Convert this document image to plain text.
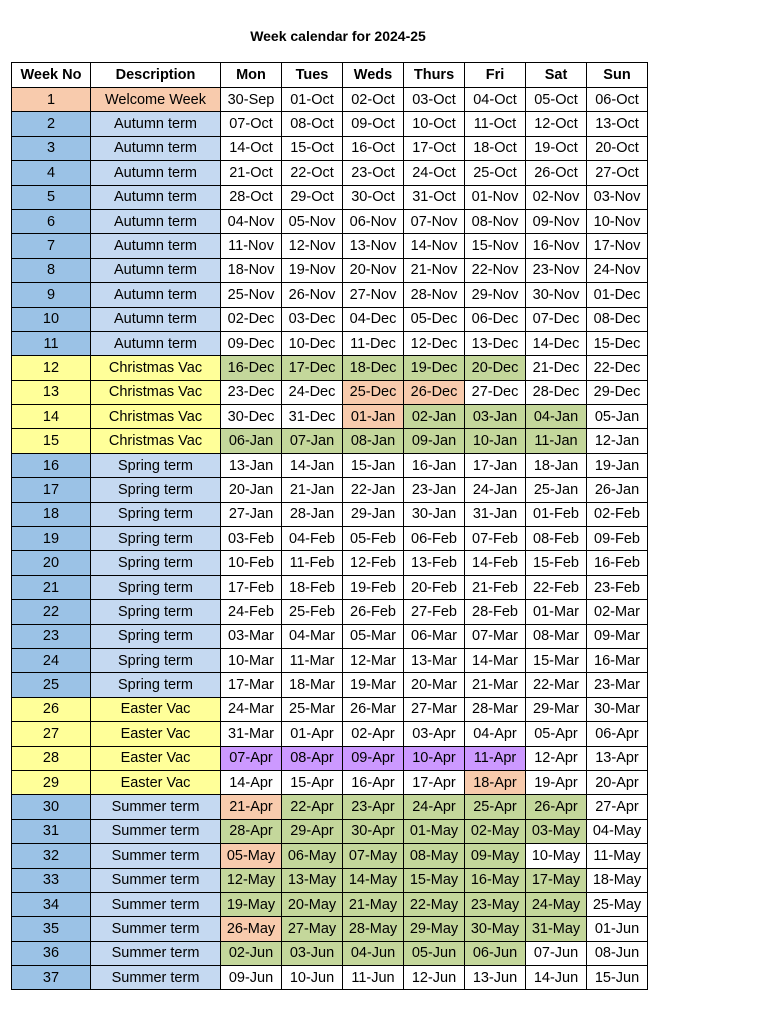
Week calendar for 2024-25
Week No	Description	Mon	Tues	Weds	Thurs	Fri	Sat	Sun
1	Welcome Week	30-Sep	01-Oct	02-Oct	03-Oct	04-Oct	05-Oct	06-Oct
2	Autumn term	07-Oct	08-Oct	09-Oct	10-Oct	11-Oct	12-Oct	13-Oct
3	Autumn term	14-Oct	15-Oct	16-Oct	17-Oct	18-Oct	19-Oct	20-Oct
4	Autumn term	21-Oct	22-Oct	23-Oct	24-Oct	25-Oct	26-Oct	27-Oct
5	Autumn term	28-Oct	29-Oct	30-Oct	31-Oct	01-Nov	02-Nov	03-Nov
6	Autumn term	04-Nov	05-Nov	06-Nov	07-Nov	08-Nov	09-Nov	10-Nov
7	Autumn term	11-Nov	12-Nov	13-Nov	14-Nov	15-Nov	16-Nov	17-Nov
8	Autumn term	18-Nov	19-Nov	20-Nov	21-Nov	22-Nov	23-Nov	24-Nov
9	Autumn term	25-Nov	26-Nov	27-Nov	28-Nov	29-Nov	30-Nov	01-Dec
10	Autumn term	02-Dec	03-Dec	04-Dec	05-Dec	06-Dec	07-Dec	08-Dec
11	Autumn term	09-Dec	10-Dec	11-Dec	12-Dec	13-Dec	14-Dec	15-Dec
12	Christmas Vac	16-Dec	17-Dec	18-Dec	19-Dec	20-Dec	21-Dec	22-Dec
13	Christmas Vac	23-Dec	24-Dec	25-Dec	26-Dec	27-Dec	28-Dec	29-Dec
14	Christmas Vac	30-Dec	31-Dec	01-Jan	02-Jan	03-Jan	04-Jan	05-Jan
15	Christmas Vac	06-Jan	07-Jan	08-Jan	09-Jan	10-Jan	11-Jan	12-Jan
16	Spring term	13-Jan	14-Jan	15-Jan	16-Jan	17-Jan	18-Jan	19-Jan
17	Spring term	20-Jan	21-Jan	22-Jan	23-Jan	24-Jan	25-Jan	26-Jan
18	Spring term	27-Jan	28-Jan	29-Jan	30-Jan	31-Jan	01-Feb	02-Feb
19	Spring term	03-Feb	04-Feb	05-Feb	06-Feb	07-Feb	08-Feb	09-Feb
20	Spring term	10-Feb	11-Feb	12-Feb	13-Feb	14-Feb	15-Feb	16-Feb
21	Spring term	17-Feb	18-Feb	19-Feb	20-Feb	21-Feb	22-Feb	23-Feb
22	Spring term	24-Feb	25-Feb	26-Feb	27-Feb	28-Feb	01-Mar	02-Mar
23	Spring term	03-Mar	04-Mar	05-Mar	06-Mar	07-Mar	08-Mar	09-Mar
24	Spring term	10-Mar	11-Mar	12-Mar	13-Mar	14-Mar	15-Mar	16-Mar
25	Spring term	17-Mar	18-Mar	19-Mar	20-Mar	21-Mar	22-Mar	23-Mar
26	Easter Vac	24-Mar	25-Mar	26-Mar	27-Mar	28-Mar	29-Mar	30-Mar
27	Easter Vac	31-Mar	01-Apr	02-Apr	03-Apr	04-Apr	05-Apr	06-Apr
28	Easter Vac	07-Apr	08-Apr	09-Apr	10-Apr	11-Apr	12-Apr	13-Apr
29	Easter Vac	14-Apr	15-Apr	16-Apr	17-Apr	18-Apr	19-Apr	20-Apr
30	Summer term	21-Apr	22-Apr	23-Apr	24-Apr	25-Apr	26-Apr	27-Apr
31	Summer term	28-Apr	29-Apr	30-Apr	01-May	02-May	03-May	04-May
32	Summer term	05-May	06-May	07-May	08-May	09-May	10-May	11-May
33	Summer term	12-May	13-May	14-May	15-May	16-May	17-May	18-May
34	Summer term	19-May	20-May	21-May	22-May	23-May	24-May	25-May
35	Summer term	26-May	27-May	28-May	29-May	30-May	31-May	01-Jun
36	Summer term	02-Jun	03-Jun	04-Jun	05-Jun	06-Jun	07-Jun	08-Jun
37	Summer term	09-Jun	10-Jun	11-Jun	12-Jun	13-Jun	14-Jun	15-Jun
